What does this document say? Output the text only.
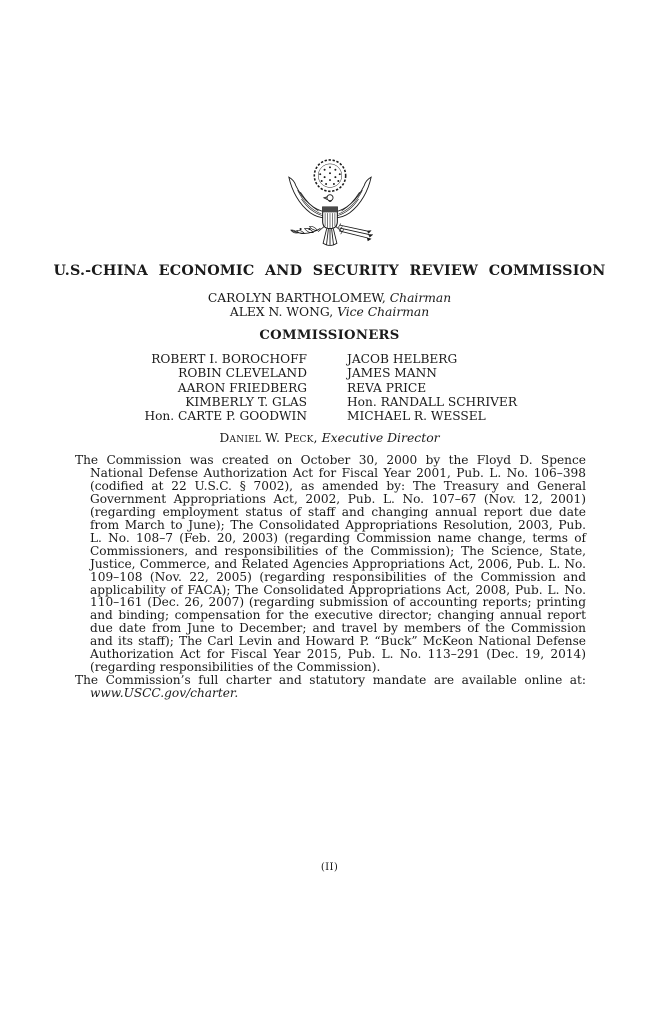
U.S.-CHINA ECONOMIC AND SECURITY REVIEW COMMISSION
CAROLYN BARTHOLOMEW, Chairman
ALEX N. WONG, Vice Chairman
COMMISSIONERS
ROBERT I. BOROCHOFF
ROBIN CLEVELAND
AARON FRIEDBERG
KIMBERLY T. GLAS
Hon. CARTE P. GOODWIN
JACOB HELBERG
JAMES MANN
REVA PRICE
Hon. RANDALL SCHRIVER
MICHAEL R. WESSEL
Daniel W. Peck, Executive Director
The Commission was created on October 30, 2000 by the Floyd D. Spence National Defense Authorization Act for Fiscal Year 2001, Pub. L. No. 106–398 (codified at 22 U.S.C. § 7002), as amended by: The Treasury and General Government Appropriations Act, 2002, Pub. L. No. 107–67 (Nov. 12, 2001) (regarding employment status of staff and changing annual report due date from March to June); The Consolidated Appropriations Resolution, 2003, Pub. L. No. 108–7 (Feb. 20, 2003) (regarding Commission name change, terms of Commissioners, and responsibilities of the Commission); The Science, State, Justice, Commerce, and Related Agencies Appropriations Act, 2006, Pub. L. No. 109–108 (Nov. 22, 2005) (regarding responsibilities of the Commission and applicability of FACA); The Consolidated Appropriations Act, 2008, Pub. L. No. 110–161 (Dec. 26, 2007) (regarding submission of accounting reports; printing and binding; compensation for the executive director; changing annual report due date from June to December; and travel by members of the Commission and its staff); The Carl Levin and Howard P. “Buck” McKeon National Defense Authorization Act for Fiscal Year 2015, Pub. L. No. 113–291 (Dec. 19, 2014) (regarding responsibilities of the Commission).
The Commission’s full charter and statutory mandate are available online at: www.USCC.gov/charter.
(II)
